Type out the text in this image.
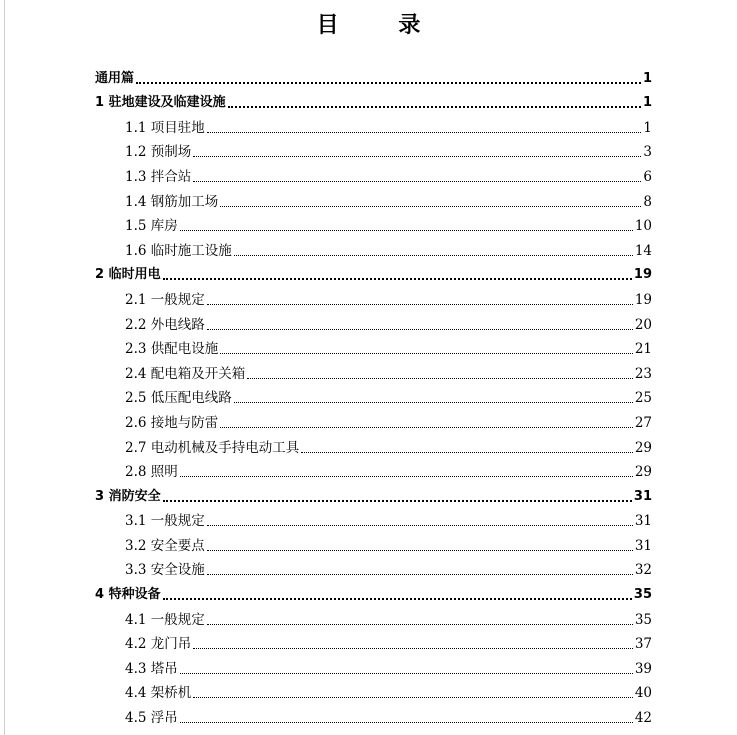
目 录
通用篇	1
1 驻地建设及临建设施	1
1.1 项目驻地	1
1.2 预制场	3
1.3 拌合站	6
1.4 钢筋加工场	8
1.5 库房	10
1.6 临时施工设施	14
2 临时用电	19
2.1 一般规定	19
2.2 外电线路	20
2.3 供配电设施	21
2.4 配电箱及开关箱	23
2.5 低压配电线路	25
2.6 接地与防雷	27
2.7 电动机械及手持电动工具	29
2.8 照明	29
3 消防安全	31
3.1 一般规定	31
3.2 安全要点	31
3.3 安全设施	32
4 特种设备	35
4.1 一般规定	35
4.2 龙门吊	37
4.3 塔吊	39
4.4 架桥机	40
4.5 浮吊	42
